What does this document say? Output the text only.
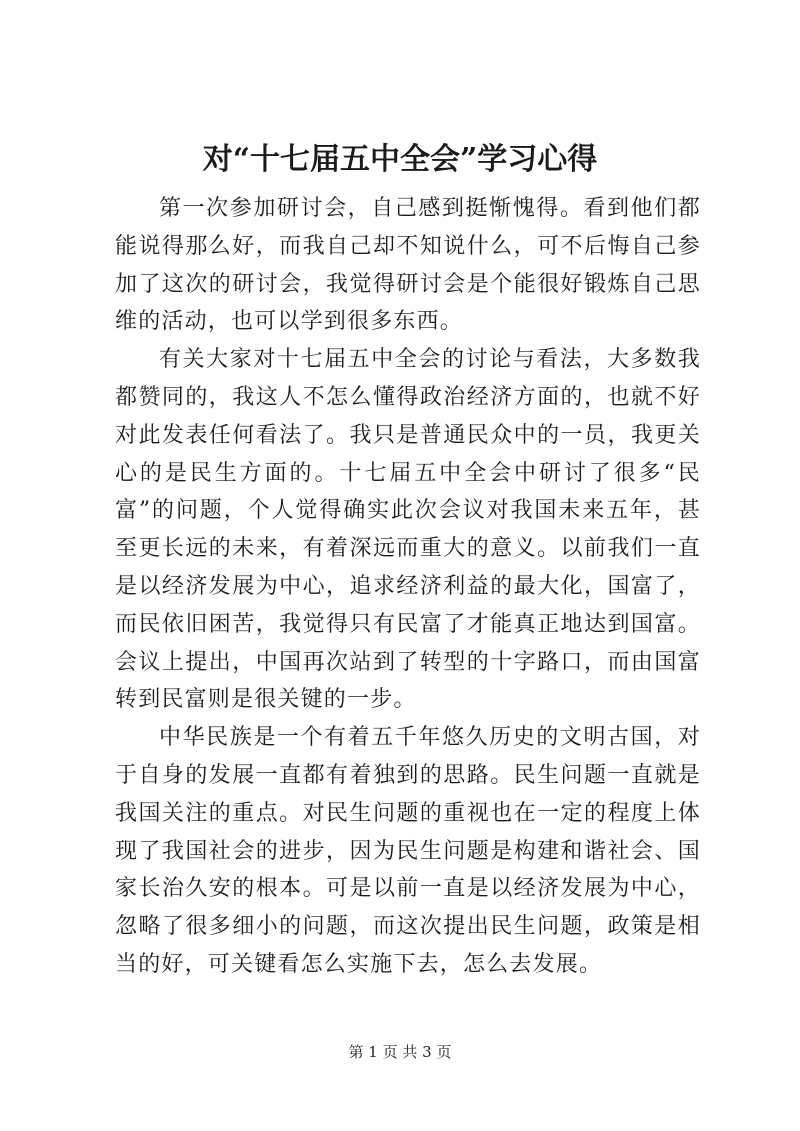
对“十七届五中全会”学习心得

第一次参加研讨会，自己感到挺惭愧得。看到他们都能说得那么好，而我自己却不知说什么，可不后悔自己参加了这次的研讨会，我觉得研讨会是个能很好锻炼自己思维的活动，也可以学到很多东西。

有关大家对十七届五中全会的讨论与看法，大多数我都赞同的，我这人不怎么懂得政治经济方面的，也就不好对此发表任何看法了。我只是普通民众中的一员，我更关心的是民生方面的。十七届五中全会中研讨了很多“民富”的问题，个人觉得确实此次会议对我国未来五年，甚至更长远的未来，有着深远而重大的意义。以前我们一直是以经济发展为中心，追求经济利益的最大化，国富了，而民依旧困苦，我觉得只有民富了才能真正地达到国富。会议上提出，中国再次站到了转型的十字路口，而由国富转到民富则是很关键的一步。

中华民族是一个有着五千年悠久历史的文明古国，对于自身的发展一直都有着独到的思路。民生问题一直就是我国关注的重点。对民生问题的重视也在一定的程度上体现了我国社会的进步，因为民生问题是构建和谐社会、国家长治久安的根本。可是以前一直是以经济发展为中心，忽略了很多细小的问题，而这次提出民生问题，政策是相当的好，可关键看怎么实施下去，怎么去发展。

第 1 页 共 3 页
